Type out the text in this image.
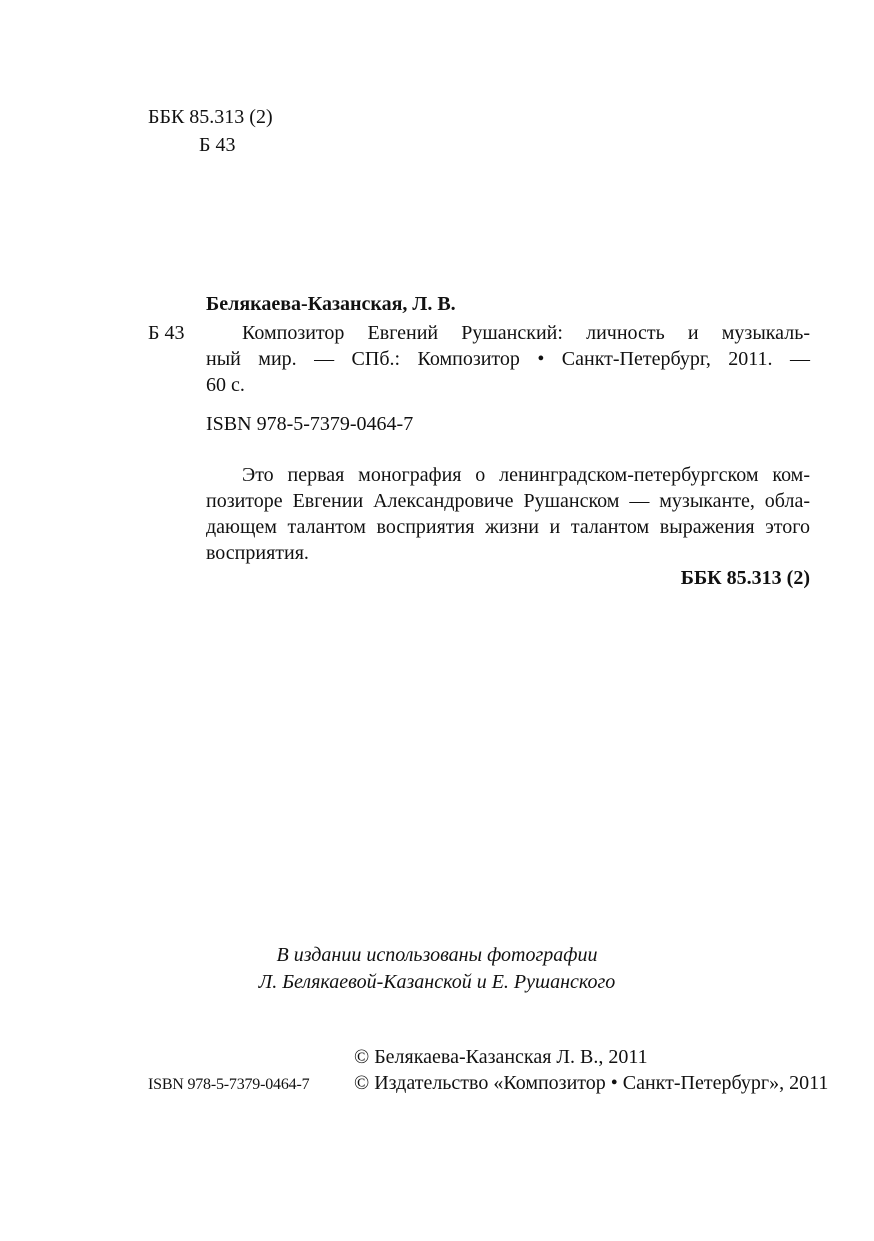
ББК 85.313 (2)
Б 43
Белякаева-Казанская, Л. В.
Б 43	Композитор Евгений Рушанский: личность и музыкаль-
ный мир. — СПб.: Композитор • Санкт-Петербург, 2011. —
60 с.
ISBN 978-5-7379-0464-7
Это первая монография о ленинградском-петербургском ком-
позиторе Евгении Александровиче Рушанском — музыканте, обла-
дающем талантом восприятия жизни и талантом выражения этого
восприятия.
ББК 85.313 (2)
В издании использованы фотографии
Л. Белякаевой-Казанской и Е. Рушанского
© Белякаева-Казанская Л. В., 2011
© Издательство «Композитор • Санкт-Петербург», 2011
ISBN 978-5-7379-0464-7
